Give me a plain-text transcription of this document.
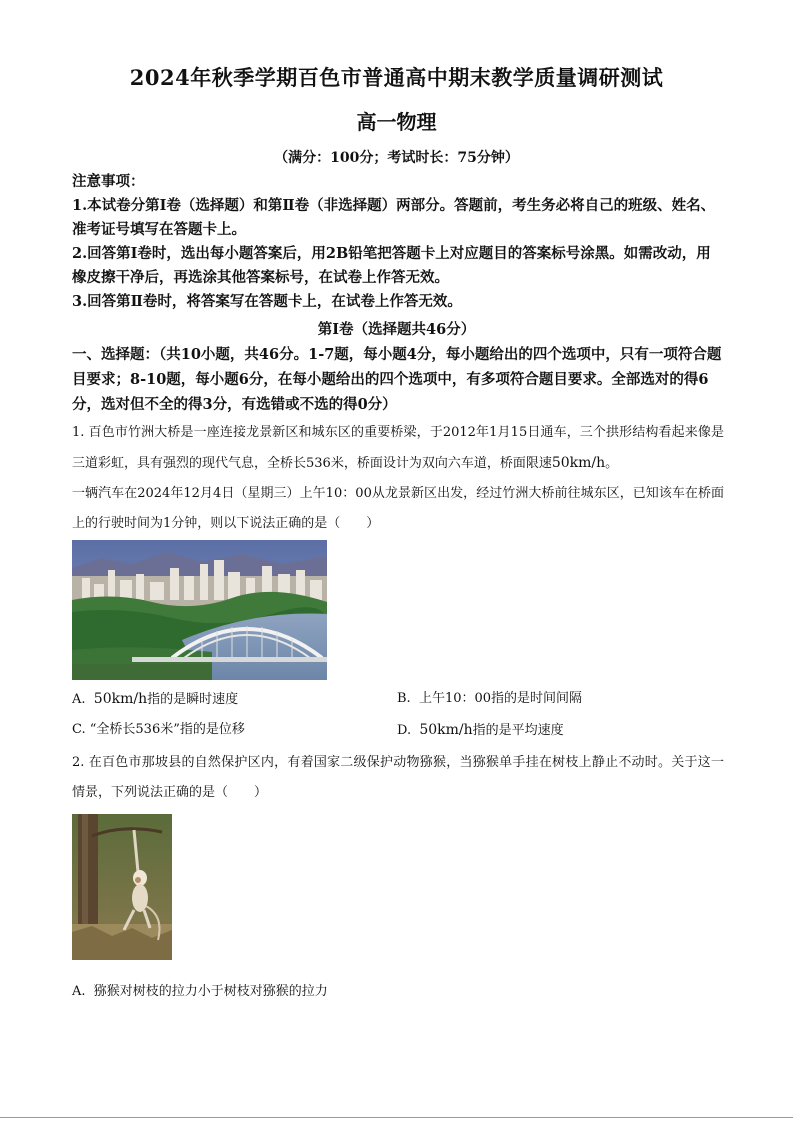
2024年秋季学期百色市普通高中期末教学质量调研测试
高一物理
（满分：100分；考试时长：75分钟）

注意事项：

1.本试卷分第Ⅰ卷（选择题）和第Ⅱ卷（非选择题）两部分。答题前，考生务必将自己的班级、姓名、准考证号填写在答题卡上。

2.回答第Ⅰ卷时，选出每小题答案后，用2B铅笔把答题卡上对应题目的答案标号涂黑。如需改动，用橡皮擦干净后，再选涂其他答案标号，在试卷上作答无效。

3.回答第Ⅱ卷时，将答案写在答题卡上，在试卷上作答无效。

第Ⅰ卷（选择题共46分）

一、选择题：（共10小题，共46分。1-7题，每小题4分，每小题给出的四个选项中，只有一项符合题目要求；8-10题，每小题6分，在每小题给出的四个选项中，有多项符合题目要求。全部选对的得6分，选对但不全的得3分，有选错或不选的得0分）

1. 百色市竹洲大桥是一座连接龙景新区和城东区的重要桥梁，于2012年1月15日通车，三个拱形结构看起来像是三道彩虹，具有强烈的现代气息，全桥长536米，桥面设计为双向六车道，桥面限速50km/h。

一辆汽车在2024年12月4日（星期三）上午10：00从龙景新区出发，经过竹洲大桥前往城东区，已知该车在桥面上的行驶时间为1分钟，则以下说法正确的是（　　）

A. 50km/h指的是瞬时速度	B. 上午10：00指的是时间间隔
C. “全桥长536米”指的是位移	D. 50km/h指的是平均速度

2. 在百色市那坡县的自然保护区内，有着国家二级保护动物猕猴，当猕猴单手挂在树枝上静止不动时。关于这一情景，下列说法正确的是（　　）

A. 猕猴对树枝的拉力小于树枝对猕猴的拉力
